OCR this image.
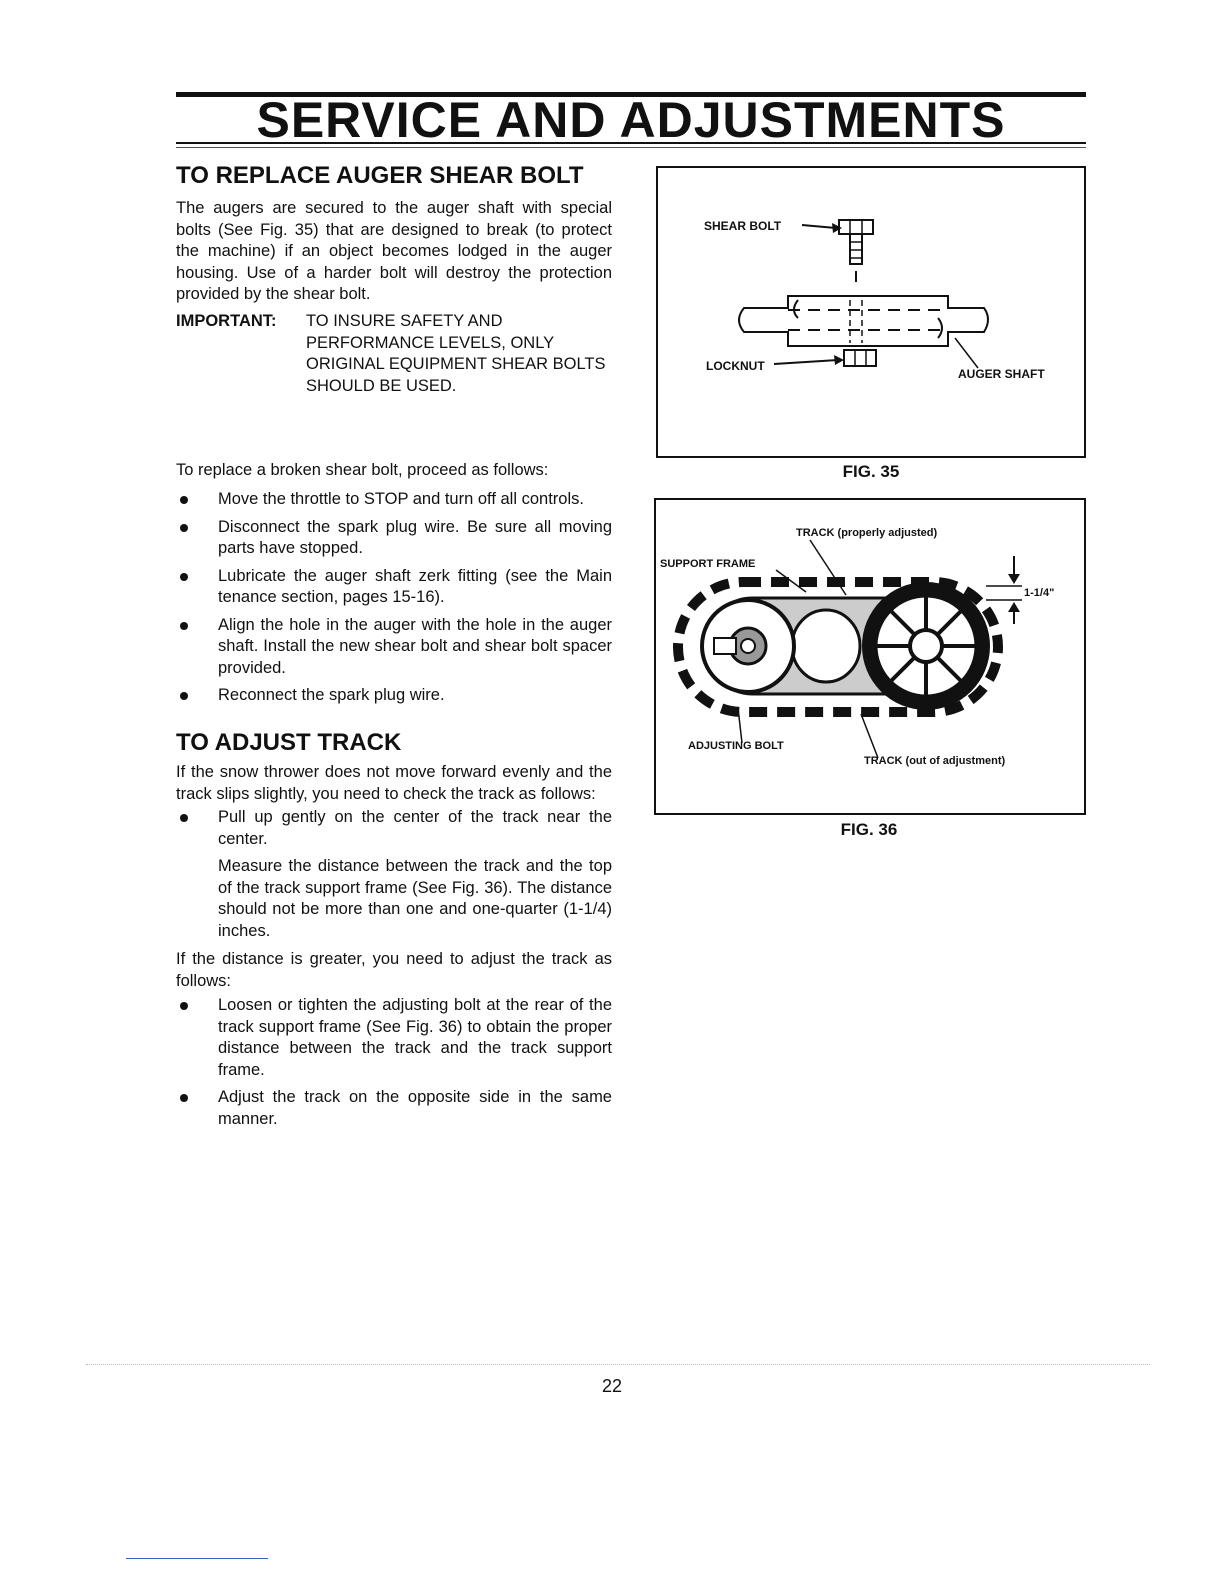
SERVICE AND ADJUSTMENTS
TO REPLACE AUGER SHEAR BOLT
The augers are secured to the auger shaft with special bolts (See Fig. 35) that are designed to break (to protect the machine) if an object becomes lodged in the auger housing. Use of a harder bolt will destroy the protection provided by the shear bolt.
IMPORTANT:	TO INSURE SAFETY AND PERFORMANCE LEVELS, ONLY ORIGINAL EQUIPMENT SHEAR BOLTS SHOULD BE USED.
To replace a broken shear bolt, proceed as follows:
Move the throttle to STOP and turn off all controls.
Disconnect the spark plug wire. Be sure all moving parts have stopped.
Lubricate the auger shaft zerk fitting (see the Main tenance section, pages 15-16).
Align the hole in the auger with the hole in the auger shaft. Install the new shear bolt and shear bolt spacer provided.
Reconnect the spark plug wire.
TO ADJUST TRACK
If the snow thrower does not move forward evenly and the track slips slightly, you need to check the track as follows:
Pull up gently on the center of the track near the center.
Measure the distance between the track and the top of the track support frame (See Fig. 36). The distance should not be more than one and one-quarter (1-1/4) inches.
If the distance is greater, you need to adjust the track as follows:
Loosen or tighten the adjusting bolt at the rear of the track support frame (See Fig. 36) to obtain the proper distance between the track and the track support frame.
Adjust the track on the opposite side in the same manner.
SHEAR BOLT
LOCKNUT
AUGER SHAFT
FIG. 35
TRACK (properly adjusted)
SUPPORT FRAME
1-1/4"
ADJUSTING BOLT
TRACK (out of adjustment)
FIG. 36
22
